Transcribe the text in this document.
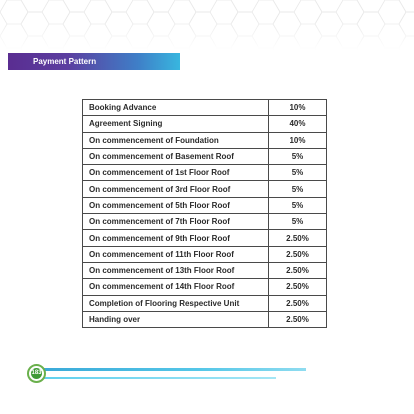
Payment Pattern
Booking Advance	10%
Agreement Signing	40%
On commencement of Foundation	10%
On commencement of Basement Roof	5%
On commencement of 1st Floor Roof	5%
On commencement of 3rd Floor Roof	5%
On commencement of 5th Floor Roof	5%
On commencement of 7th Floor Roof	5%
On commencement of 9th Floor Roof	2.50%
On commencement of 11th Floor Roof	2.50%
On commencement of 13th Floor Roof	2.50%
On commencement of 14th Floor Roof	2.50%
Completion of Flooring Respective Unit	2.50%
Handing over	2.50%
183
